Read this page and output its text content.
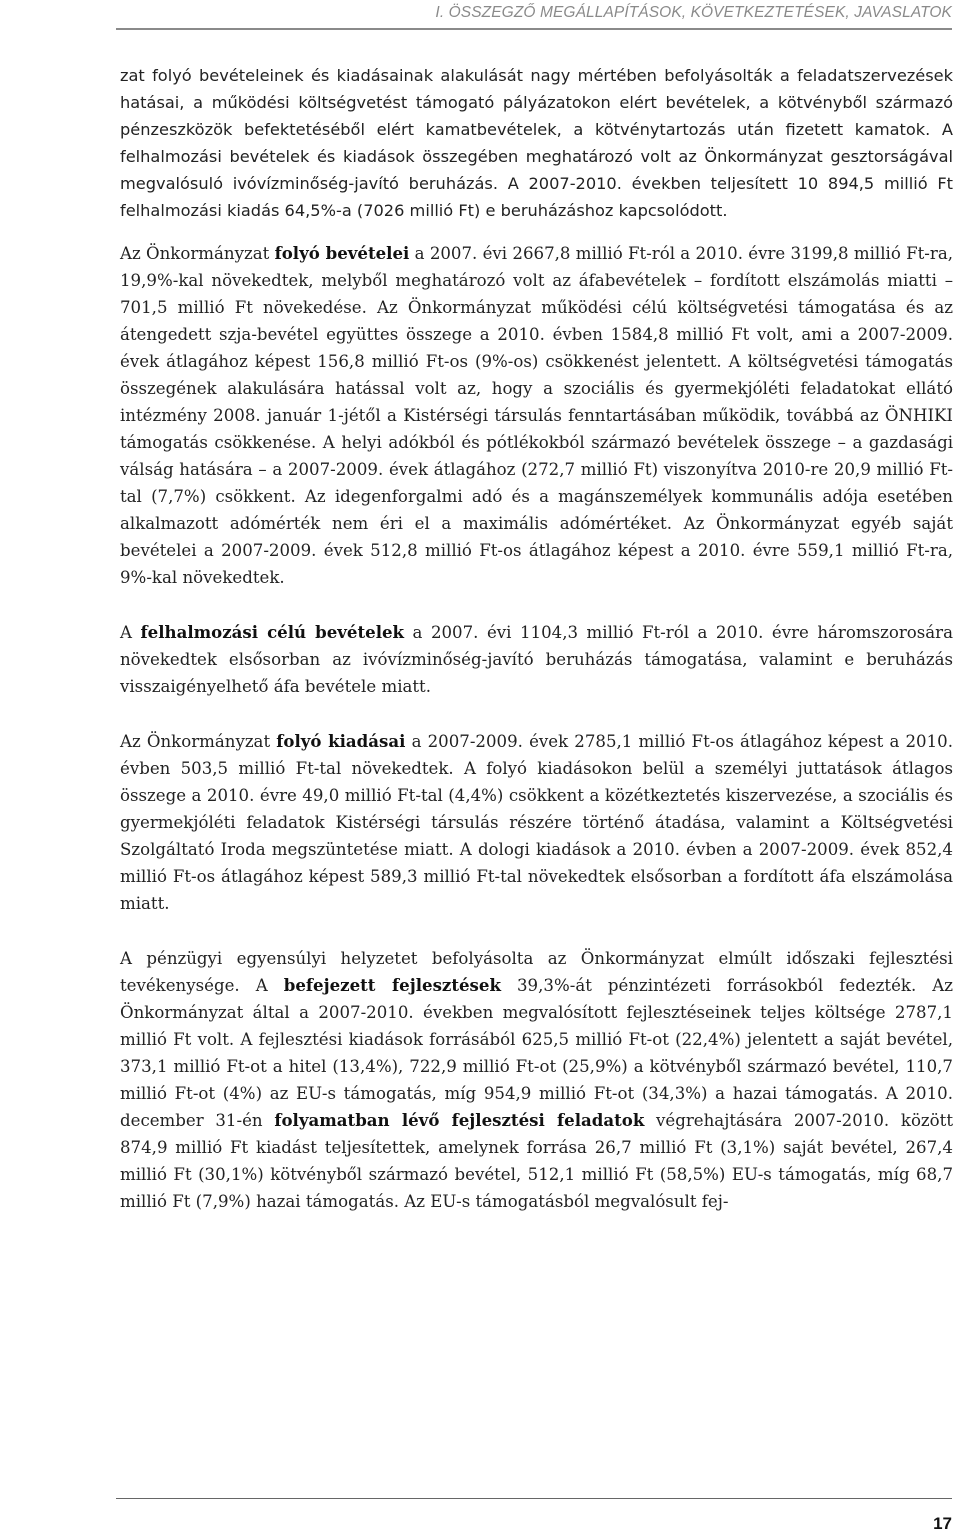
I. ÖSSZEGZŐ MEGÁLLAPÍTÁSOK, KÖVETKEZTETÉSEK, JAVASLATOK

zat folyó bevételeinek és kiadásainak alakulását nagy mértében befolyásolták a feladatszervezések hatásai, a működési költségvetést támogató pályázatokon elért bevételek, a kötvényből származó pénzeszközök befektetéséből elért kamatbevételek, a kötvénytartozás után fizetett kamatok. A felhalmozási bevételek és kiadások összegében meghatározó volt az Önkormányzat gesztorságával megvalósuló ivóvízminőség-javító beruházás. A 2007-2010. években teljesített 10 894,5 millió Ft felhalmozási kiadás 64,5%-a (7026 millió Ft) e beruházáshoz kapcsolódott.

Az Önkormányzat folyó bevételei a 2007. évi 2667,8 millió Ft-ról a 2010. évre 3199,8 millió Ft-ra, 19,9%-kal növekedtek, melyből meghatározó volt az áfabevételek – fordított elszámolás miatti – 701,5 millió Ft növekedése. Az Önkormányzat működési célú költségvetési támogatása és az átengedett szja-bevétel együttes összege a 2010. évben 1584,8 millió Ft volt, ami a 2007-2009. évek átlagához képest 156,8 millió Ft-os (9%-os) csökkenést jelentett. A költségvetési támogatás összegének alakulására hatással volt az, hogy a szociális és gyermekjóléti feladatokat ellátó intézmény 2008. január 1-jétől a Kistérségi társulás fenntartásában működik, továbbá az ÖNHIKI támogatás csökkenése. A helyi adókból és pótlékokból származó bevételek összege – a gazdasági válság hatására – a 2007-2009. évek átlagához (272,7 millió Ft) viszonyítva 2010-re 20,9 millió Ft-tal (7,7%) csökkent. Az idegenforgalmi adó és a magánszemélyek kommunális adója esetében alkalmazott adómérték nem éri el a maximális adómértéket. Az Önkormányzat egyéb saját bevételei a 2007-2009. évek 512,8 millió Ft-os átlagához képest a 2010. évre 559,1 millió Ft-ra, 9%-kal növekedtek.

A felhalmozási célú bevételek a 2007. évi 1104,3 millió Ft-ról a 2010. évre háromszorosára növekedtek elsősorban az ivóvízminőség-javító beruházás támogatása, valamint e beruházás visszaigényelhető áfa bevétele miatt.

Az Önkormányzat folyó kiadásai a 2007-2009. évek 2785,1 millió Ft-os átlagához képest a 2010. évben 503,5 millió Ft-tal növekedtek. A folyó kiadásokon belül a személyi juttatások átlagos összege a 2010. évre 49,0 millió Ft-tal (4,4%) csökkent a közétkeztetés kiszervezése, a szociális és gyermekjóléti feladatok Kistérségi társulás részére történő átadása, valamint a Költségvetési Szolgáltató Iroda megszüntetése miatt. A dologi kiadások a 2010. évben a 2007-2009. évek 852,4 millió Ft-os átlagához képest 589,3 millió Ft-tal növekedtek elsősorban a fordított áfa elszámolása miatt.

A pénzügyi egyensúlyi helyzetet befolyásolta az Önkormányzat elmúlt időszaki fejlesztési tevékenysége. A befejezett fejlesztések 39,3%-át pénzintézeti forrásokból fedezték. Az Önkormányzat által a 2007-2010. években megvalósított fejlesztéseinek teljes költsége 2787,1 millió Ft volt. A fejlesztési kiadások forrásából 625,5 millió Ft-ot (22,4%) jelentett a saját bevétel, 373,1 millió Ft-ot a hitel (13,4%), 722,9 millió Ft-ot (25,9%) a kötvényből származó bevétel, 110,7 millió Ft-ot (4%) az EU-s támogatás, míg 954,9 millió Ft-ot (34,3%) a hazai támogatás. A 2010. december 31-én folyamatban lévő fejlesztési feladatok végrehajtására 2007-2010. között 874,9 millió Ft kiadást teljesítettek, amelynek forrása 26,7 millió Ft (3,1%) saját bevétel, 267,4 millió Ft (30,1%) kötvényből származó bevétel, 512,1 millió Ft (58,5%) EU-s támogatás, míg 68,7 millió Ft (7,9%) hazai támogatás. Az EU-s támogatásból megvalósult fej-

17
